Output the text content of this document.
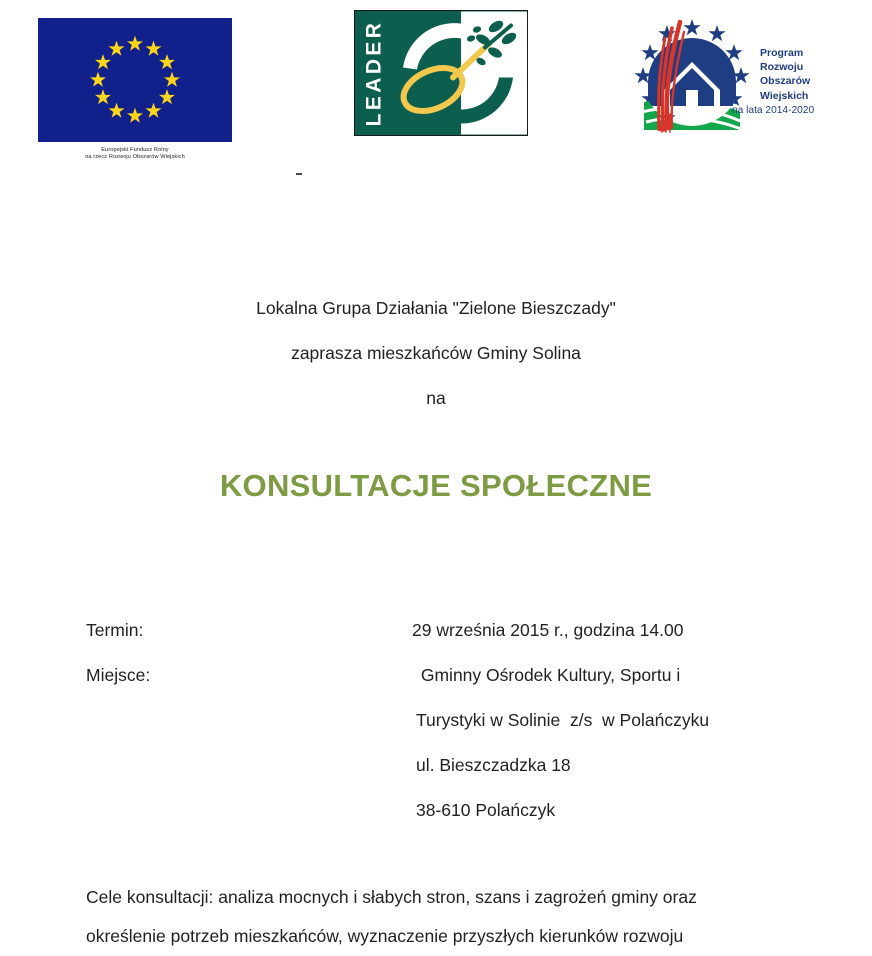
Europejski Fundusz Rolny
na rzecz Rozwoju Obszarów Wiejskich
LEADER	Program
Rozwoju
Obszarów
Wiejskich
na lata 2014-2020
Lokalna Grupa Działania "Zielone Bieszczady"
zaprasza mieszkańców Gminy Solina
na
KONSULTACJE SPOŁECZNE
Termin:	29 września 2015 r., godzina 14.00
Miejsce:	Gminny Ośrodek Kultury, Sportu i
Turystyki w Solinie  z/s  w Polańczyku
ul. Bieszczadzka 18
38-610 Polańczyk
Cele konsultacji: analiza mocnych i słabych stron, szans i zagrożeń gminy oraz
określenie potrzeb mieszkańców, wyznaczenie przyszłych kierunków rozwoju
